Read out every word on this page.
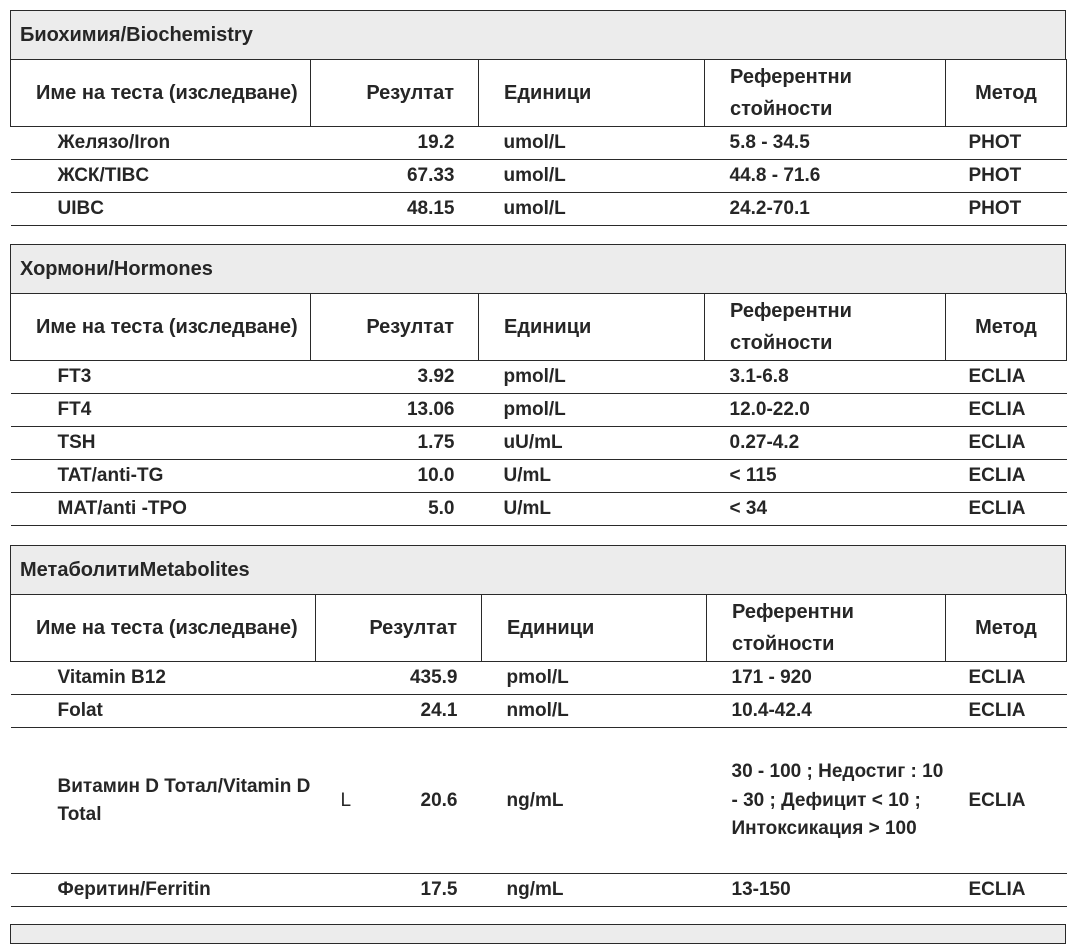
Биохимия/Biochemistry
Име на теста (изследване)	Резултат	Единици	Референтни стойности	Метод
Желязо/Iron	19.2	umol/L	5.8 - 34.5	PHOT
ЖСК/TIBC	67.33	umol/L	44.8 - 71.6	PHOT
UIBC	48.15	umol/L	24.2-70.1	PHOT
Хормони/Hormones
Име на теста (изследване)	Резултат	Единици	Референтни стойности	Метод
FT3	3.92	pmol/L	3.1-6.8	ECLIA
FT4	13.06	pmol/L	12.0-22.0	ECLIA
TSH	1.75	uU/mL	0.27-4.2	ECLIA
TAT/anti-TG	10.0	U/mL	< 115	ECLIA
MAT/anti -TPO	5.0	U/mL	< 34	ECLIA
МетаболитиMetabolites
Име на теста (изследване)	Резултат	Единици	Референтни стойности	Метод
Vitamin B12	435.9	pmol/L	171 - 920	ECLIA
Folat	24.1	nmol/L	10.4-42.4	ECLIA
Витамин D Тотал/Vitamin D Total	L 20.6	ng/mL	30 - 100 ; Недостиг : 10 - 30 ; Дефицит < 10 ; Интоксикация > 100	ECLIA
Феритин/Ferritin	17.5	ng/mL	13-150	ECLIA
